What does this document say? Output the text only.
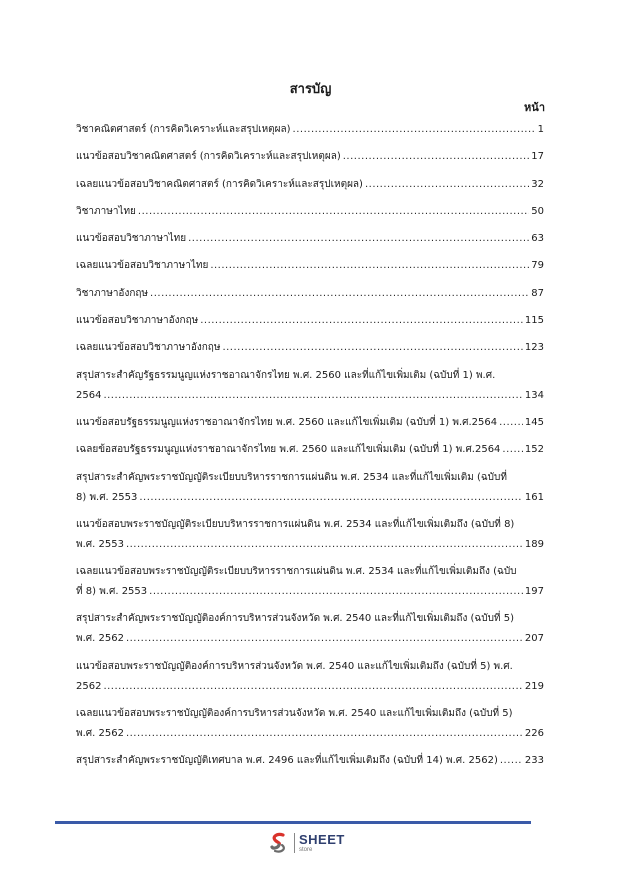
สารบัญ
หน้า
วิชาคณิตศาสตร์ (การคิดวิเคราะห์และสรุปเหตุผล) .....	1
แนวข้อสอบวิชาคณิตศาสตร์ (การคิดวิเคราะห์และสรุปเหตุผล) .....	17
เฉลยแนวข้อสอบวิชาคณิตศาสตร์ (การคิดวิเคราะห์และสรุปเหตุผล) .....	32
วิชาภาษาไทย .....	50
แนวข้อสอบวิชาภาษาไทย .....	63
เฉลยแนวข้อสอบวิชาภาษาไทย .....	79
วิชาภาษาอังกฤษ .....	87
แนวข้อสอบวิชาภาษาอังกฤษ .....	115
เฉลยแนวข้อสอบวิชาภาษาอังกฤษ .....	123
สรุปสาระสำคัญรัฐธรรมนูญแห่งราชอาณาจักรไทย พ.ศ. 2560 และที่แก้ไขเพิ่มเติม (ฉบับที่ 1) พ.ศ.
2564 .....	134
แนวข้อสอบรัฐธรรมนูญแห่งราชอาณาจักรไทย พ.ศ. 2560 และแก้ไขเพิ่มเติม (ฉบับที่ 1) พ.ศ.2564 .....	145
เฉลยข้อสอบรัฐธรรมนูญแห่งราชอาณาจักรไทย พ.ศ. 2560 และแก้ไขเพิ่มเติม (ฉบับที่ 1) พ.ศ.2564 ..... 152
สรุปสาระสำคัญพระราชบัญญัติระเบียบบริหารราชการแผ่นดิน พ.ศ. 2534 และที่แก้ไขเพิ่มเติม (ฉบับที่
8) พ.ศ. 2553 .....	161
แนวข้อสอบพระราชบัญญัติระเบียบบริหารราชการแผ่นดิน พ.ศ. 2534 และที่แก้ไขเพิ่มเติมถึง (ฉบับที่ 8)
พ.ศ. 2553 .....	189
เฉลยแนวข้อสอบพระราชบัญญัติระเบียบบริหารราชการแผ่นดิน พ.ศ. 2534 และที่แก้ไขเพิ่มเติมถึง (ฉบับ
ที่ 8) พ.ศ. 2553 .....	197
สรุปสาระสำคัญพระราชบัญญัติองค์การบริหารส่วนจังหวัด พ.ศ. 2540 และที่แก้ไขเพิ่มเติมถึง (ฉบับที่ 5)
พ.ศ. 2562 .....	207
แนวข้อสอบพระราชบัญญัติองค์การบริหารส่วนจังหวัด พ.ศ. 2540 และแก้ไขเพิ่มเติมถึง (ฉบับที่ 5) พ.ศ.
2562 .....	219
เฉลยแนวข้อสอบพระราชบัญญัติองค์การบริหารส่วนจังหวัด พ.ศ. 2540 และแก้ไขเพิ่มเติมถึง (ฉบับที่ 5)
พ.ศ. 2562 .....	226
สรุปสาระสำคัญพระราชบัญญัติเทศบาล พ.ศ. 2496 และที่แก้ไขเพิ่มเติมถึง (ฉบับที่ 14) พ.ศ. 2562) .....	233
SHEET
store
